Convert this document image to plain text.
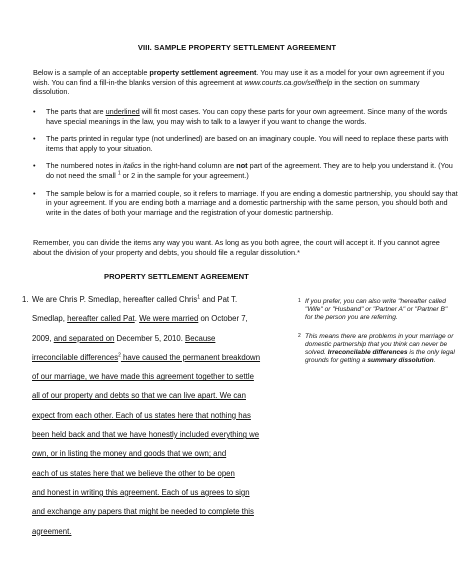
VIII. SAMPLE PROPERTY SETTLEMENT AGREEMENT
Below is a sample of an acceptable property settlement agreement. You may use it as a model for your own agreement if you wish. You can find a fill-in-the blanks version of this agreement at www.courts.ca.gov/selfhelp in the section on summary dissolution.
• The parts that are underlined will fit most cases. You can copy these parts for your own agreement. Since many of the words have special meanings in the law, you may wish to talk to a lawyer if you want to change the words.
• The parts printed in regular type (not underlined) are based on an imaginary couple. You will need to replace these parts with items that apply to your situation.
• The numbered notes in italics in the right-hand column are not part of the agreement. They are to help you understand it. (You do not need the small $^1$ or 2 in the sample for your agreement.)
• The sample below is for a married couple, so it refers to marriage. If you are ending a domestic partnership, you should say that in your agreement. If you are ending both a marriage and a domestic partnership with the same person, you should both and write in the dates of both your marriage and the registration of your domestic partnership.
Remember, you can divide the items any way you want. As long as you both agree, the court will accept it. If you cannot agree about the division of your property and debts, you should file a regular dissolution.*
PROPERTY SETTLEMENT AGREEMENT
1. We are Chris P. Smedlap, hereafter called Chris$^1$ and Pat T.
Smedlap, hereafter called Pat. We were married on October 7,
2009, and separated on December 5, 2010. Because
irreconcilable differences$^2$ have caused the permanent breakdown
of our marriage, we have made this agreement together to settle
all of our property and debts so that we can live apart. We can
expect from each other. Each of us states here that nothing has
been held back and that we have honestly included everything we
own, or in listing the money and goods that we own; and
each of us states here that we believe the other to be open
and honest in writing this agreement. Each of us agrees to sign
and exchange any papers that might be needed to complete this
agreement.
1 If you prefer, you can also write "hereafter called "Wife" or "Husband" or "Partner A" or "Partner B" for the person you are referring.
2 This means there are problems in your marriage or domestic partnership that you think can never be solved. Irreconcilable differences is the only legal grounds for getting a summary dissolution.
